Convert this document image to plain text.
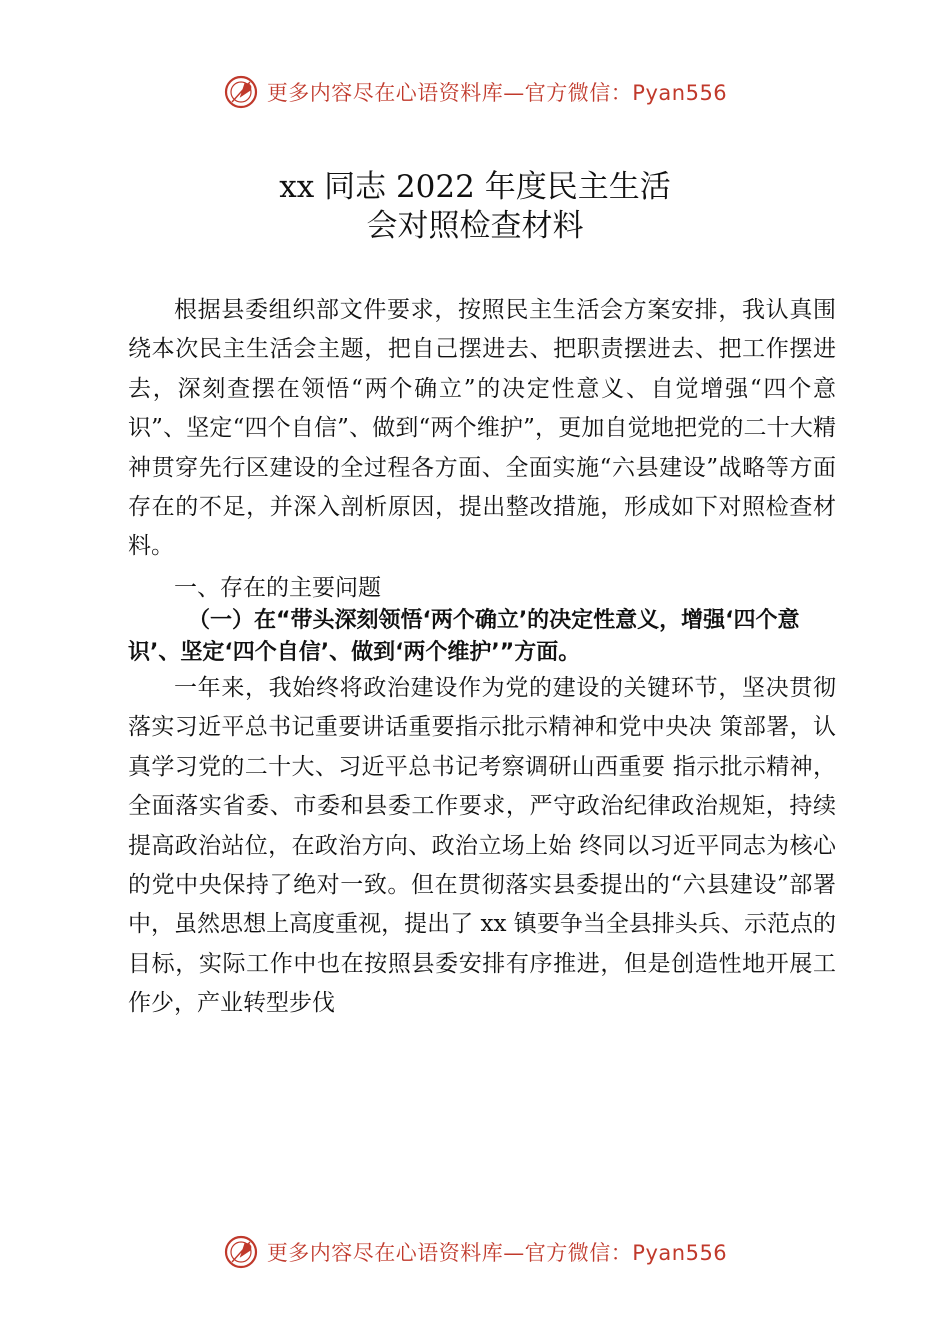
更多内容尽在心语资料库—官方微信：Pyan556
xx 同志 2022 年度民主生活
会对照检查材料
根据县委组织部文件要求，按照民主生活会方案安排，我认真围绕本次民主生活会主题，把自己摆进去、把职责摆进去、把工作摆进去，深刻查摆在领悟“两个确立”的决定性意义、自觉增强“四个意识”、坚定“四个自信”、做到“两个维护”，更加自觉地把党的二十大精神贯穿先行区建设的全过程各方面、全面实施“六县建设”战略等方面存在的不足，并深入剖析原因，提出整改措施，形成如下对照检查材料。
一、存在的主要问题
（一）在“带头深刻领悟‘两个确立’的决定性意义，增强‘四个意识’、坚定‘四个自信’、做到‘两个维护’”方面。
一年来，我始终将政治建设作为党的建设的关键环节，坚决贯彻落实习近平总书记重要讲话重要指示批示精神和党中央决 策部署，认真学习党的二十大、习近平总书记考察调研山西重要 指示批示精神，全面落实省委、市委和县委工作要求，严守政治纪律政治规矩，持续提高政治站位，在政治方向、政治立场上始 终同以习近平同志为核心的党中央保持了绝对一致。但在贯彻落实县委提出的“六县建设”部署中，虽然思想上高度重视，提出了 xx 镇要争当全县排头兵、示范点的目标，实际工作中也在按照县委安排有序推进，但是创造性地开展工作少，产业转型步伐
更多内容尽在心语资料库—官方微信：Pyan556
